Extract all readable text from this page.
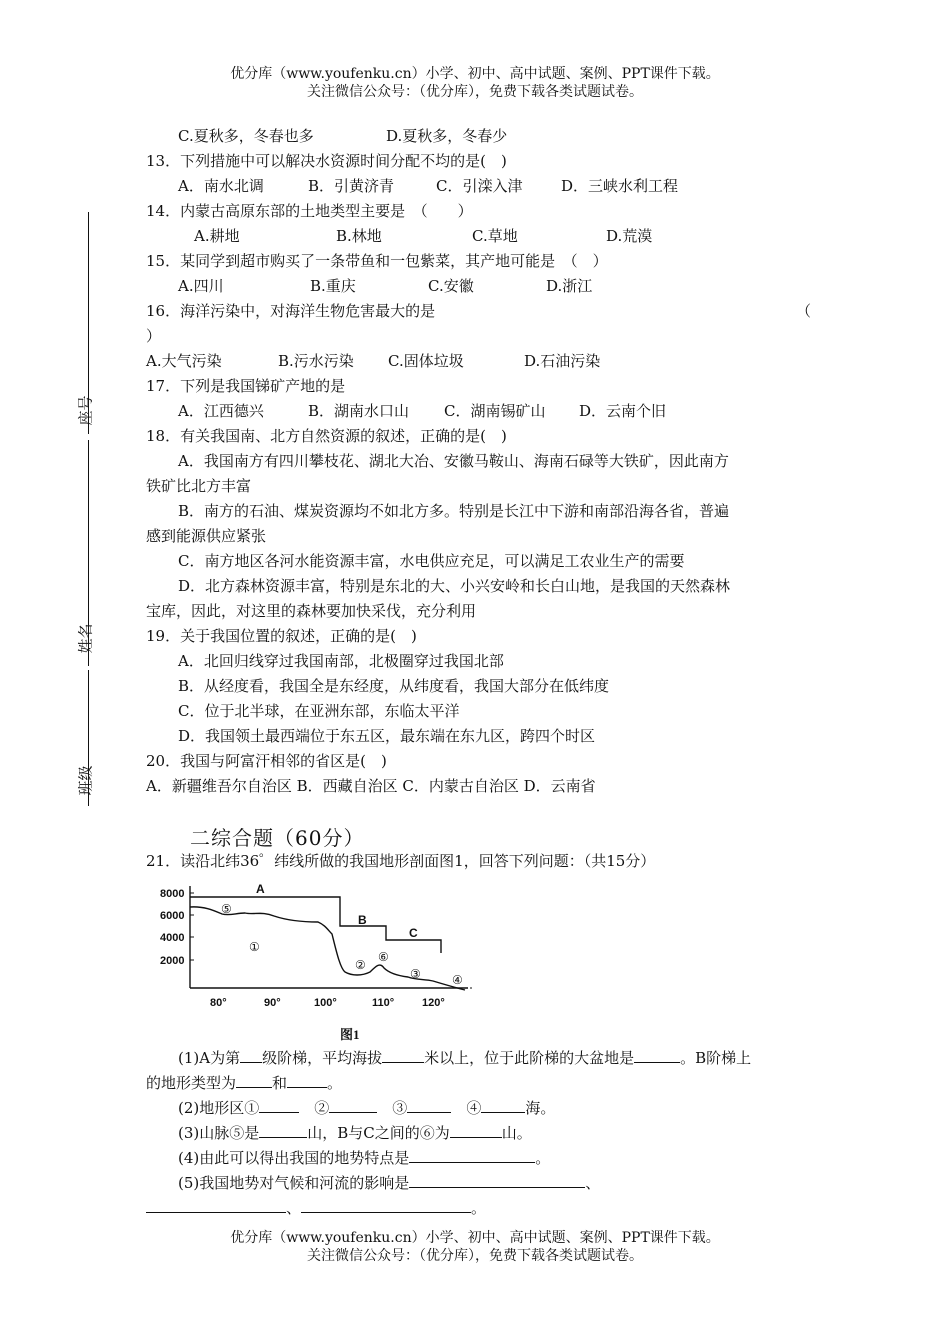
优分库（www.youfenku.cn）小学、初中、高中试题、案例、PPT课件下载。
关注微信公众号：（优分库），免费下载各类试题试卷。
座号
姓名
班级
C.夏秋多，冬春也多	D.夏秋多，冬春少
13．下列措施中可以解决水资源时间分配不均的是(　)
A．南水北调	B．引黄济青	C．引滦入津	D．三峡水利工程
14．内蒙古高原东部的土地类型主要是　（　　）
A.耕地	B.林地	C.草地	D.荒漠
15．某同学到超市购买了一条带鱼和一包紫菜，其产地可能是　（　）
A.四川	B.重庆	C.安徽	D.浙江
16．海洋污染中，对海洋生物危害最大的是	（
）
A.大气污染	B.污水污染 C.固体垃圾	D.石油污染
17．下列是我国锑矿产地的是
A．江西德兴	B．湖南水口山 C．湖南锡矿山 D．云南个旧
18．有关我国南、北方自然资源的叙述，正确的是(　)
A．我国南方有四川攀枝花、湖北大冶、安徽马鞍山、海南石碌等大铁矿，因此南方
铁矿比北方丰富
B．南方的石油、煤炭资源均不如北方多。特别是长江中下游和南部沿海各省，普遍
感到能源供应紧张
C．南方地区各河水能资源丰富，水电供应充足，可以满足工农业生产的需要
D．北方森林资源丰富，特别是东北的大、小兴安岭和长白山地，是我国的天然森林
宝库，因此，对这里的森林要加快采伐，充分利用
19．关于我国位置的叙述，正确的是(　)
A．北回归线穿过我国南部，北极圈穿过我国北部
B．从经度看，我国全是东经度，从纬度看，我国大部分在低纬度
C．位于北半球，在亚洲东部，东临太平洋
D．我国领土最西端位于东五区，最东端在东九区，跨四个时区
20．我国与阿富汗相邻的省区是(　)
A．新疆维吾尔自治区 B．西藏自治区 C．内蒙古自治区 D．云南省
二综合题（60分）
21．读沿北纬36゜纬线所做的我国地形剖面图1，回答下列问题：（共15分）
8000
6000
4000
2000
A
B
C
⑤
①
②
⑥
③	④
80°	90°	100°	110°	120°
图1
(1)A为第 级阶梯，平均海拔	米以上，位于此阶梯的大盆地是	。B阶梯上
的地形类型为 和	。
(2)地形区①　	②　	③　	④	海。
(3)山脉⑤是	山，B与C之间的⑥为	山。
(4)由此可以得出我国的地势特点是	。
(5)我国地势对气候和河流的影响是	、
、	。
优分库（www.youfenku.cn）小学、初中、高中试题、案例、PPT课件下载。
关注微信公众号：（优分库），免费下载各类试题试卷。
